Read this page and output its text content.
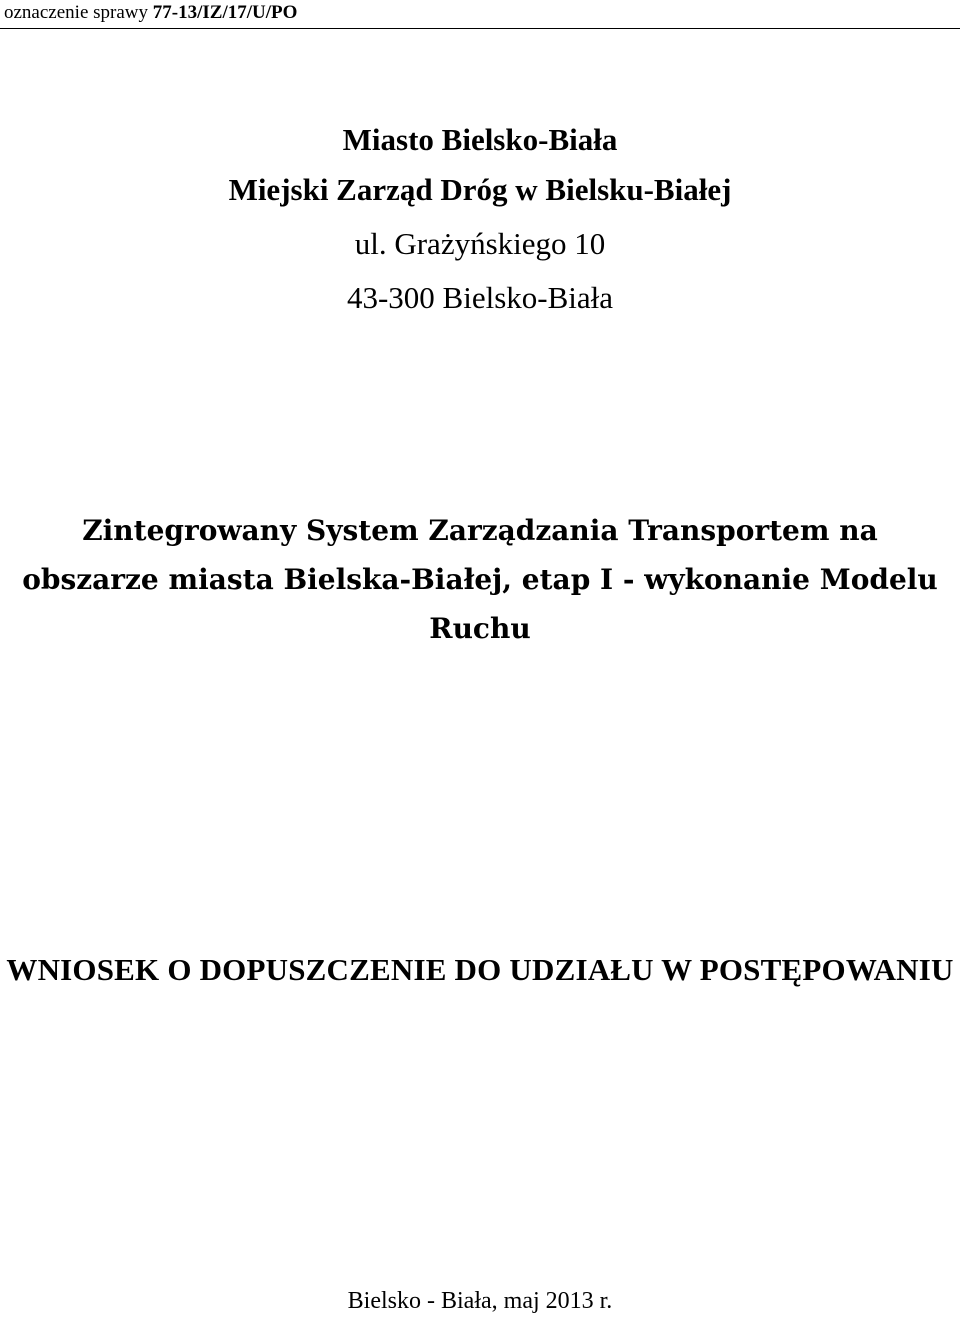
oznaczenie sprawy 77-13/IZ/17/U/PO
Miasto Bielsko-Biała
Miejski Zarząd Dróg w Bielsku-Białej
ul. Grażyńskiego 10
43-300 Bielsko-Biała
Zintegrowany System Zarządzania Transportem na obszarze miasta Bielska-Białej, etap I - wykonanie Modelu Ruchu
WNIOSEK O DOPUSZCZENIE DO UDZIAŁU W POSTĘPOWANIU
Bielsko - Biała, maj 2013 r.
